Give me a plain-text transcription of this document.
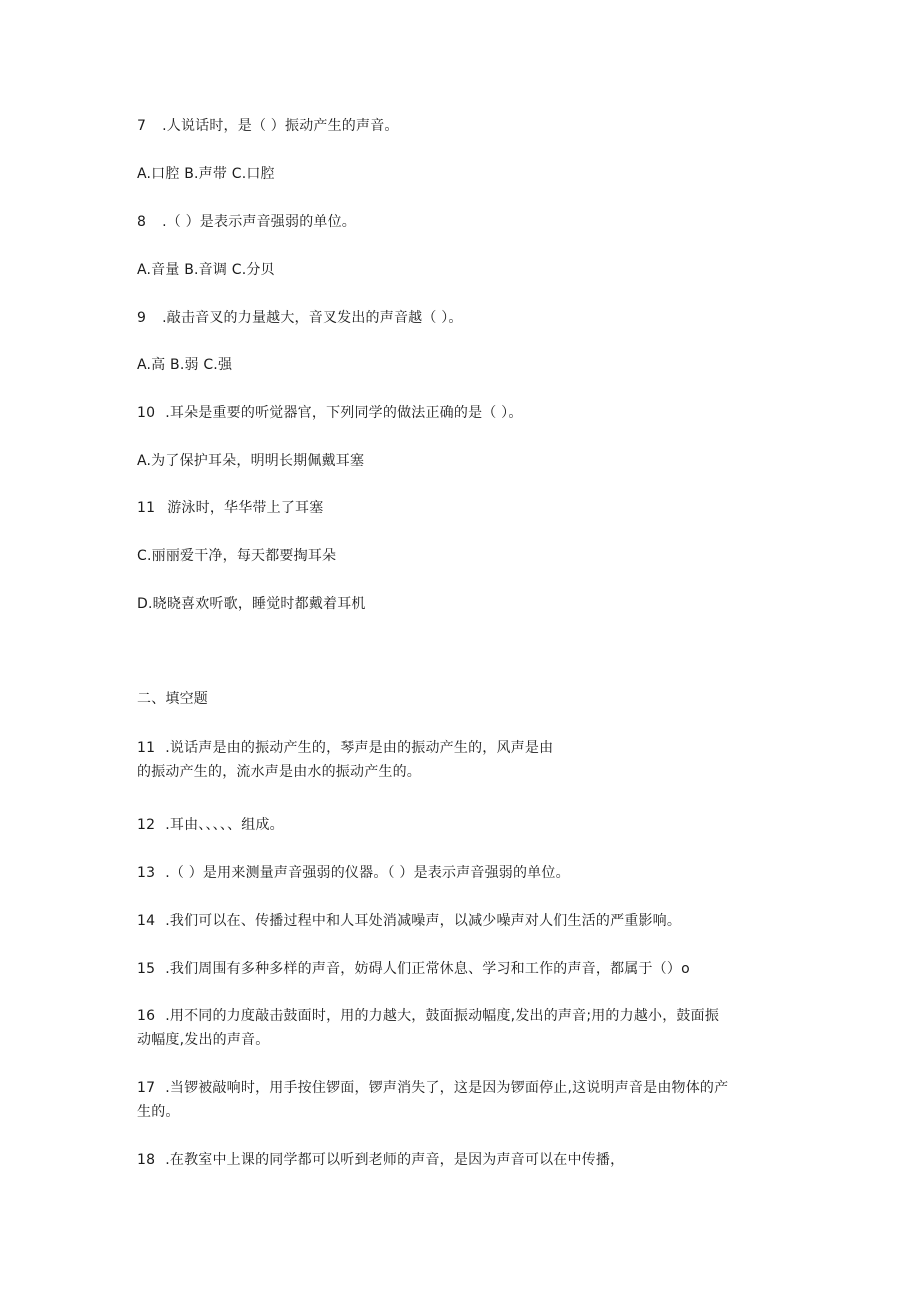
7 .人说话时，是（ ）振动产生的声音。
A.口腔 B.声带 C.口腔
8 .（ ）是表示声音强弱的单位。
A.音量 B.音调 C.分贝
9 .敲击音叉的力量越大，音叉发出的声音越（ ）。
A.高 B.弱 C.强
10 .耳朵是重要的听觉器官，下列同学的做法正确的是（ ）。
A.为了保护耳朵，明明长期佩戴耳塞
11 游泳时，华华带上了耳塞
C.丽丽爱干净，每天都要掏耳朵
D.晓晓喜欢听歌，睡觉时都戴着耳机
二、填空题
11 .说话声是由的振动产生的，琴声是由的振动产生的，风声是由
的振动产生的，流水声是由水的振动产生的。
12 .耳由、、、、、组成。
13 .（ ）是用来测量声音强弱的仪器。（ ）是表示声音强弱的单位。
14 .我们可以在、传播过程中和人耳处消减噪声，以减少噪声对人们生活的严重影响。
15 .我们周围有多种多样的声音，妨碍人们正常休息、学习和工作的声音，都属于（）o
16 .用不同的力度敲击鼓面时，用的力越大，鼓面振动幅度,发出的声音;用的力越小，鼓面振
动幅度,发出的声音。
17 .当锣被敲响时，用手按住锣面，锣声消失了，这是因为锣面停止,这说明声音是由物体的产
生的。
18 .在教室中上课的同学都可以听到老师的声音，是因为声音可以在中传播，
